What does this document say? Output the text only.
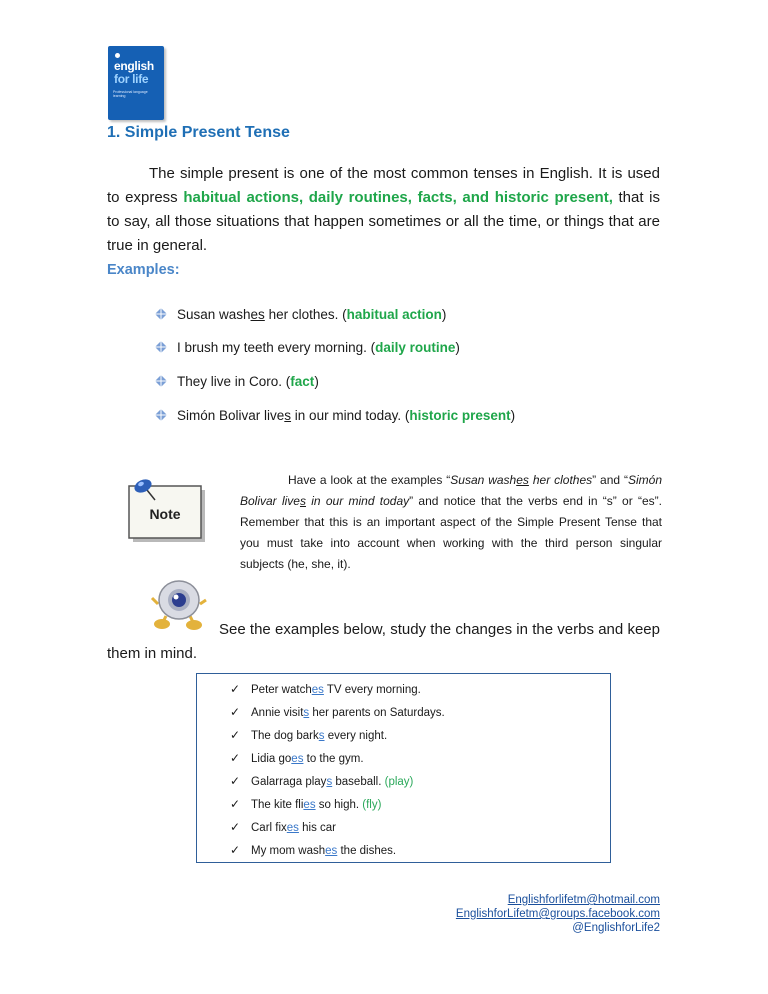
english
for life
Professional language learning
1. Simple Present Tense
The simple present is one of the most common tenses in English. It is used to express habitual actions, daily routines, facts, and historic present, that is to say, all those situations that happen sometimes or all the time, or things that are true in general.
Examples:
Susan washes her clothes. (habitual action)
I brush my teeth every morning. (daily routine)
They live in Coro. (fact)
Simón Bolivar lives in our mind today. (historic present)
Note
Have a look at the examples “Susan washes her clothes” and “Simón Bolivar lives in our mind today” and notice that the verbs end in “s” or “es”. Remember that this is an important aspect of the Simple Present Tense that you must take into account when working with the third person singular subjects (he, she, it).
See the examples below, study the changes in the verbs and keep them in mind.
✓ Peter watches TV every morning.
✓ Annie visits her parents on Saturdays.
✓ The dog barks every night.
✓ Lidia goes to the gym.
✓ Galarraga plays baseball. (play)
✓ The kite flies so high. (fly)
✓ Carl fixes his car
✓ My mom washes the dishes.
Englishforlifetm@hotmail.com
EnglishforLifetm@groups.facebook.com
@EnglishforLife2
